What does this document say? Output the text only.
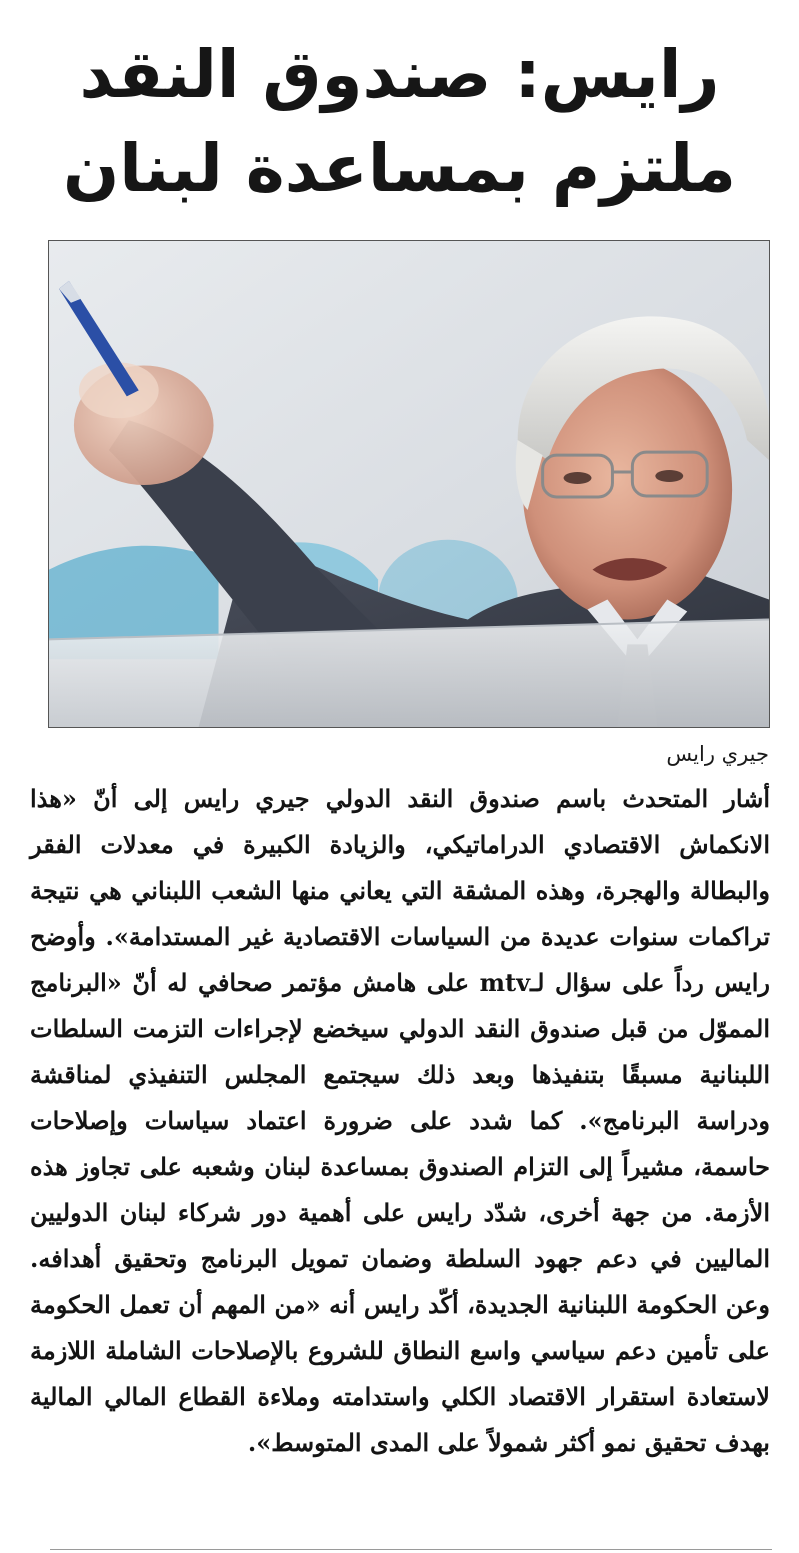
رايس: صندوق النقد ملتزم بمساعدة لبنان

جيري رايس

أشار المتحدث باسم صندوق النقد الدولي جيري رايس إلى أنّ «هذا الانكماش الاقتصادي الدراماتيكي، والزيادة الكبيرة في معدلات الفقر والبطالة والهجرة، وهذه المشقة التي يعاني منها الشعب اللبناني هي نتيجة تراكمات سنوات عديدة من السياسات الاقتصادية غير المستدامة». وأوضح رايس رداً على سؤال لـmtv على هامش مؤتمر صحافي له أنّ «البرنامج المموّل من قبل صندوق النقد الدولي سيخضع لإجراءات التزمت السلطات اللبنانية مسبقًا بتنفيذها وبعد ذلك سيجتمع المجلس التنفيذي لمناقشة ودراسة البرنامج». كما شدد على ضرورة اعتماد سياسات وإصلاحات حاسمة، مشيراً إلى التزام الصندوق بمساعدة لبنان وشعبه على تجاوز هذه الأزمة. من جهة أخرى، شدّد رايس على أهمية دور شركاء لبنان الدوليين الماليين في دعم جهود السلطة وضمان تمويل البرنامج وتحقيق أهدافه. وعن الحكومة اللبنانية الجديدة، أكّد رايس أنه «من المهم أن تعمل الحكومة على تأمين دعم سياسي واسع النطاق للشروع بالإصلاحات الشاملة اللازمة لاستعادة استقرار الاقتصاد الكلي واستدامته وملاءة القطاع المالي المالية بهدف تحقيق نمو أكثر شمولاً على المدى المتوسط».
